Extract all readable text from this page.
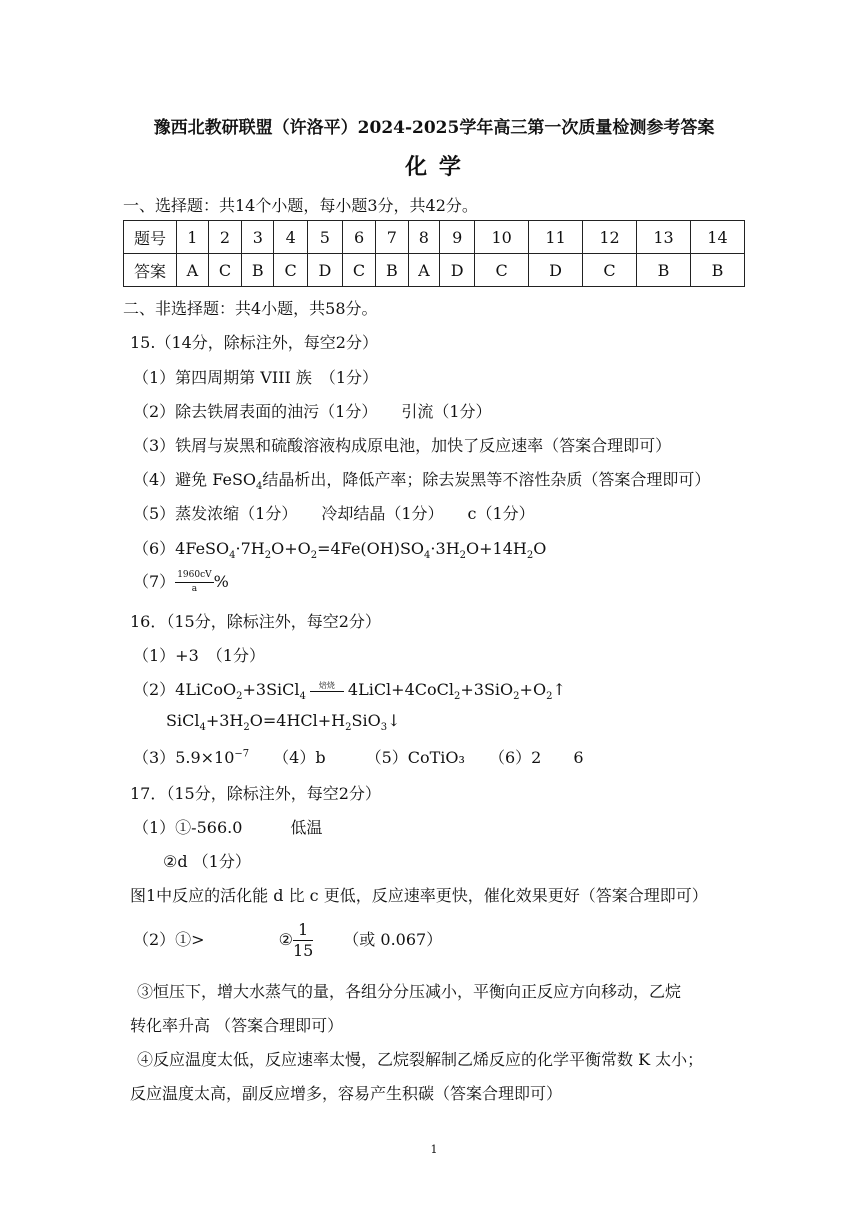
豫西北教研联盟（许洛平）2024-2025学年高三第一次质量检测参考答案
化 学
一、选择题：共14个小题，每小题3分，共42分。
题号	1	2	3	4	5	6	7	8	9	10	11	12	13	14
答案	A	C	B	C	D	C	B	A	D	C	D	C	B	B
二、非选择题：共4小题，共58分。
15.（14分，除标注外，每空2分）
（1）第四周期第 VIII 族　（1分）
（2）除去铁屑表面的油污（1分）　　引流（1分）
（3）铁屑与炭黑和硫酸溶液构成原电池，加快了反应速率（答案合理即可）
（4）避免 FeSO$_4$结晶析出，降低产率；除去炭黑等不溶性杂质（答案合理即可）
（5）蒸发浓缩（1分）　　冷却结晶（1分）　　c（1分）
$(6)4FeSO_4\cdot 7H_2O+O_2=4Fe(OH)SO_4\cdot 3H_2O+14H_2O$
$(7) \frac{1960cV}{a}$ %
16．（15分，除标注外，每空2分）
（1）+3　（1分）
（2）4LiCoO$_2$+3SiCl$_4$
焙烧 $4LiCl+4CoCl_2+3SiO_2+O_2↑$
$SiCl_4+3H_2O=4HCl+H_2SiO_3↓$
$(3)5.9\times 10^{-7}$　　（4）b　　　（5）CoTiO₃　　（6）2　　6
17．（15分，除标注外，每空2分）
（1）①-566.0　　　低温
②d （1分）
图1中反应的活化能 d 比 c 更低，反应速率更快，催化效果更好（答案合理即可）
（2）①>	② $\frac{1}{15}$ （或 0.067）
③恒压下，增大水蒸气的量，各组分分压减小，平衡向正反应方向移动，乙烷
转化率升高 （答案合理即可）
④反应温度太低，反应速率太慢，乙烷裂解制乙烯反应的化学平衡常数 K 太小；
反应温度太高，副反应增多，容易产生积碳（答案合理即可）
1
